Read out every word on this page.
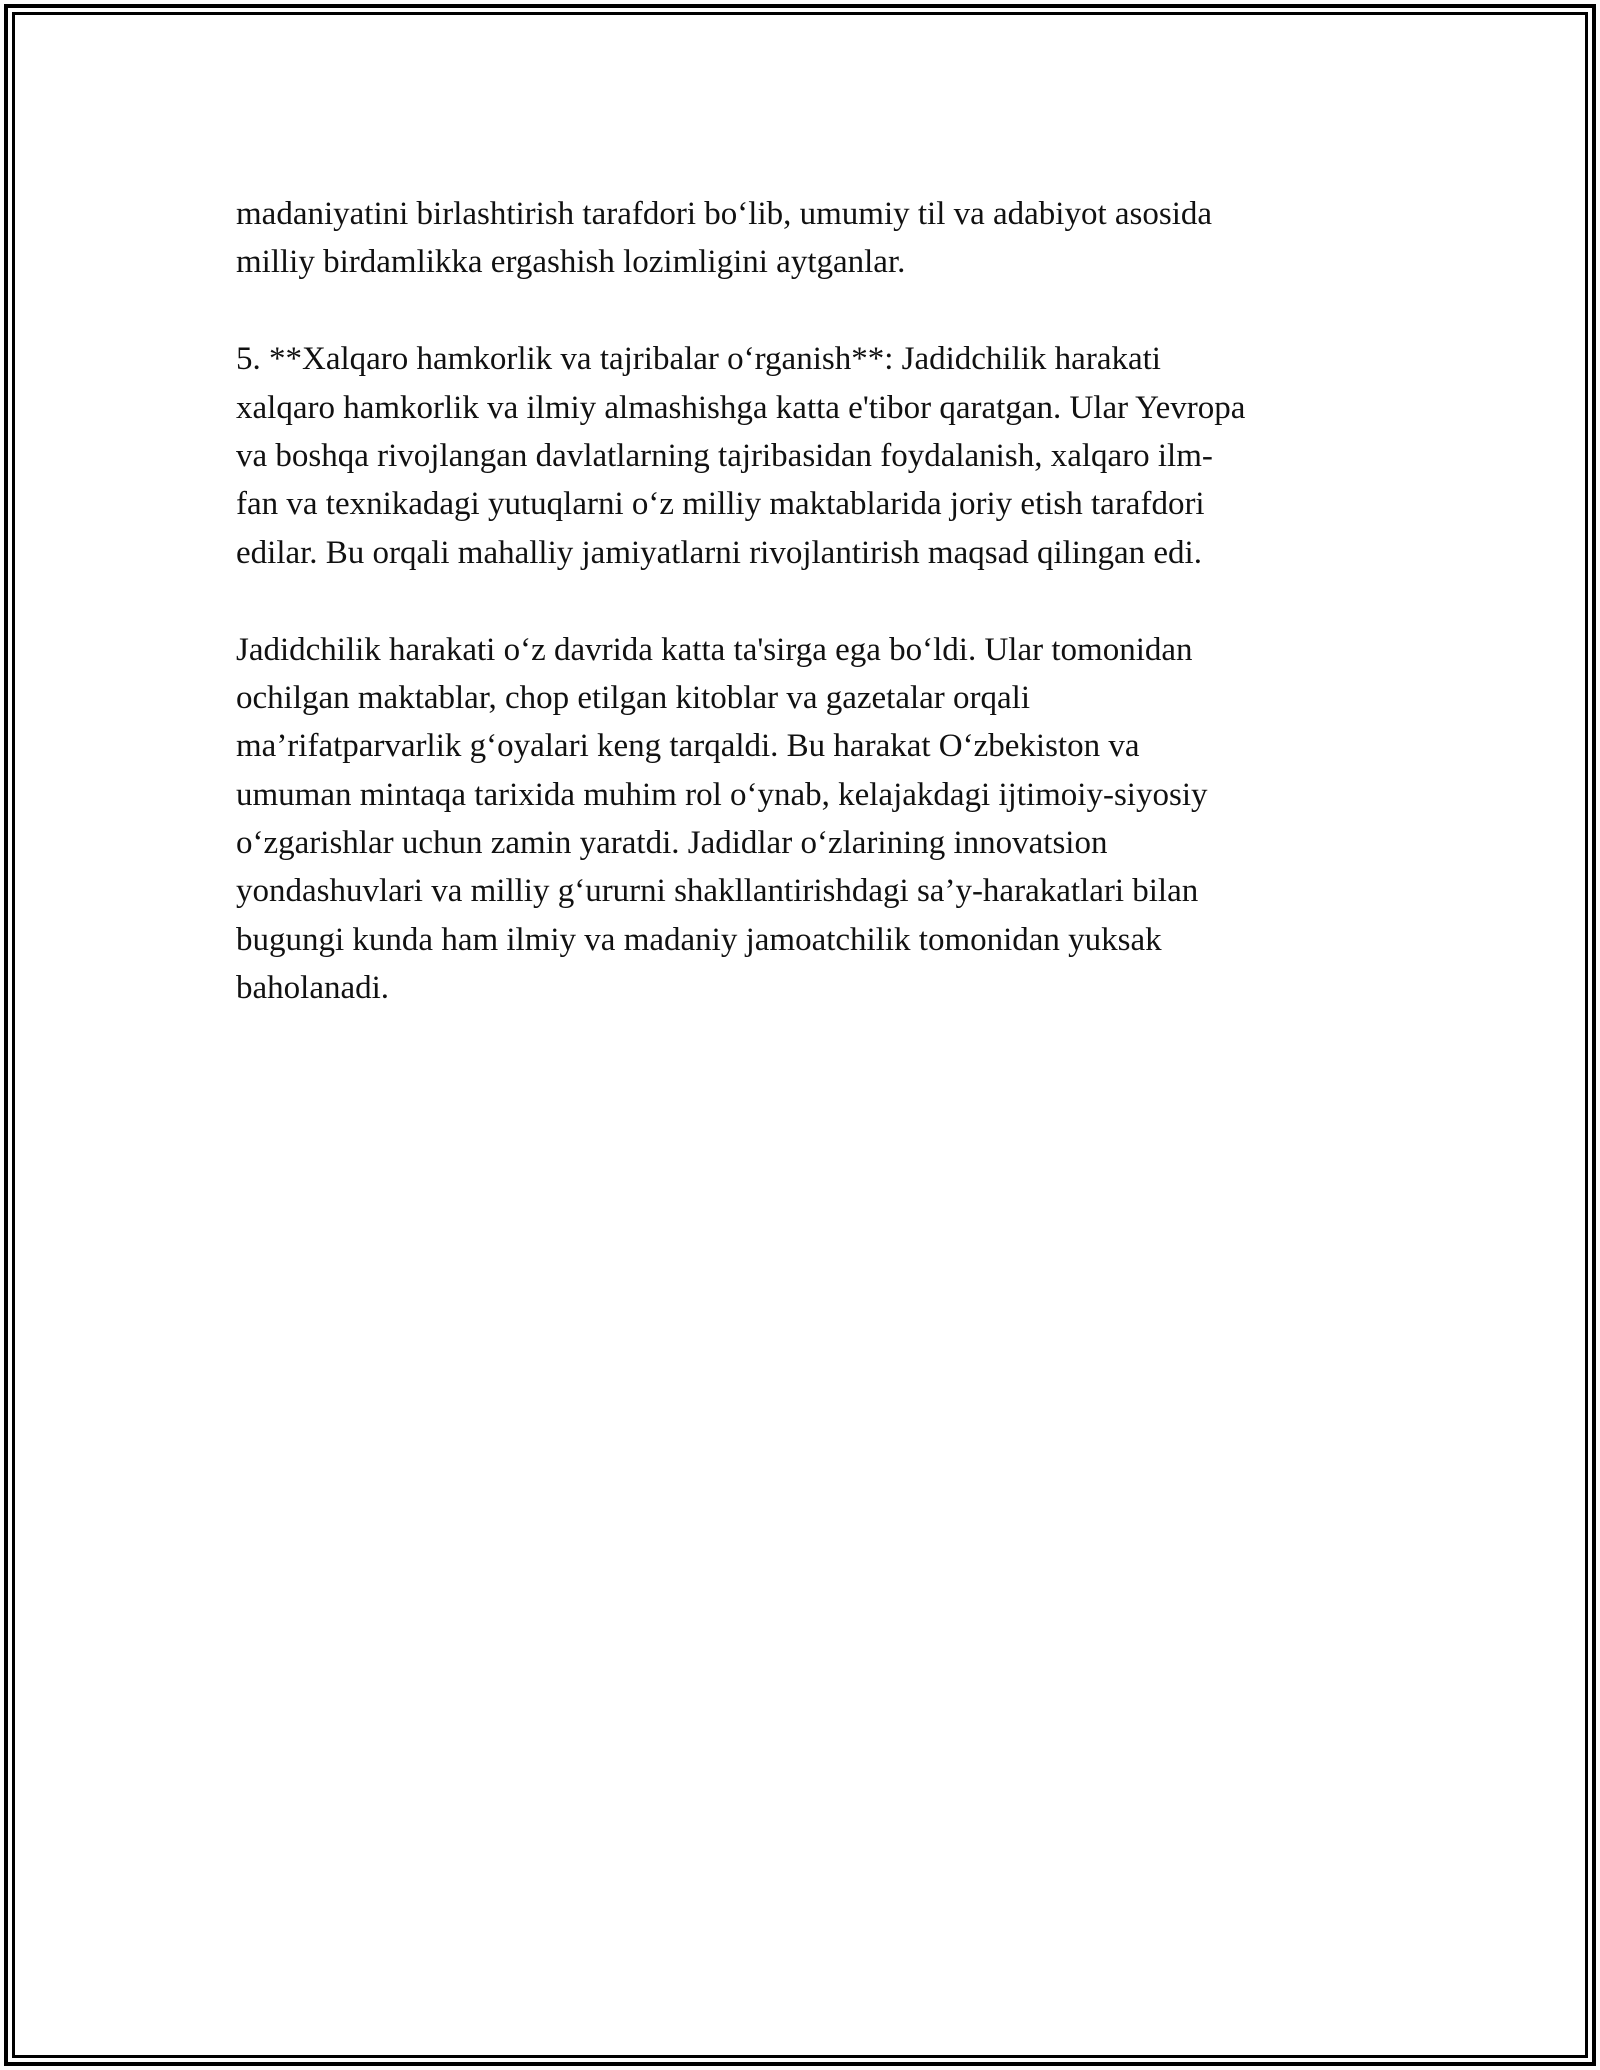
madaniyatini birlashtirish tarafdori bo‘lib, umumiy til va adabiyot asosida
milliy birdamlikka ergashish lozimligini aytganlar.
5. **Xalqaro hamkorlik va tajribalar o‘rganish**: Jadidchilik harakati
xalqaro hamkorlik va ilmiy almashishga katta e'tibor qaratgan. Ular Yevropa
va boshqa rivojlangan davlatlarning tajribasidan foydalanish, xalqaro ilm-
fan va texnikadagi yutuqlarni o‘z milliy maktablarida joriy etish tarafdori
edilar. Bu orqali mahalliy jamiyatlarni rivojlantirish maqsad qilingan edi.
Jadidchilik harakati o‘z davrida katta ta'sirga ega bo‘ldi. Ular tomonidan
ochilgan maktablar, chop etilgan kitoblar va gazetalar orqali
ma’rifatparvarlik g‘oyalari keng tarqaldi. Bu harakat O‘zbekiston va
umuman mintaqa tarixida muhim rol o‘ynab, kelajakdagi ijtimoiy-siyosiy
o‘zgarishlar uchun zamin yaratdi. Jadidlar o‘zlarining innovatsion
yondashuvlari va milliy g‘ururni shakllantirishdagi sa’y-harakatlari bilan
bugungi kunda ham ilmiy va madaniy jamoatchilik tomonidan yuksak
baholanadi.
